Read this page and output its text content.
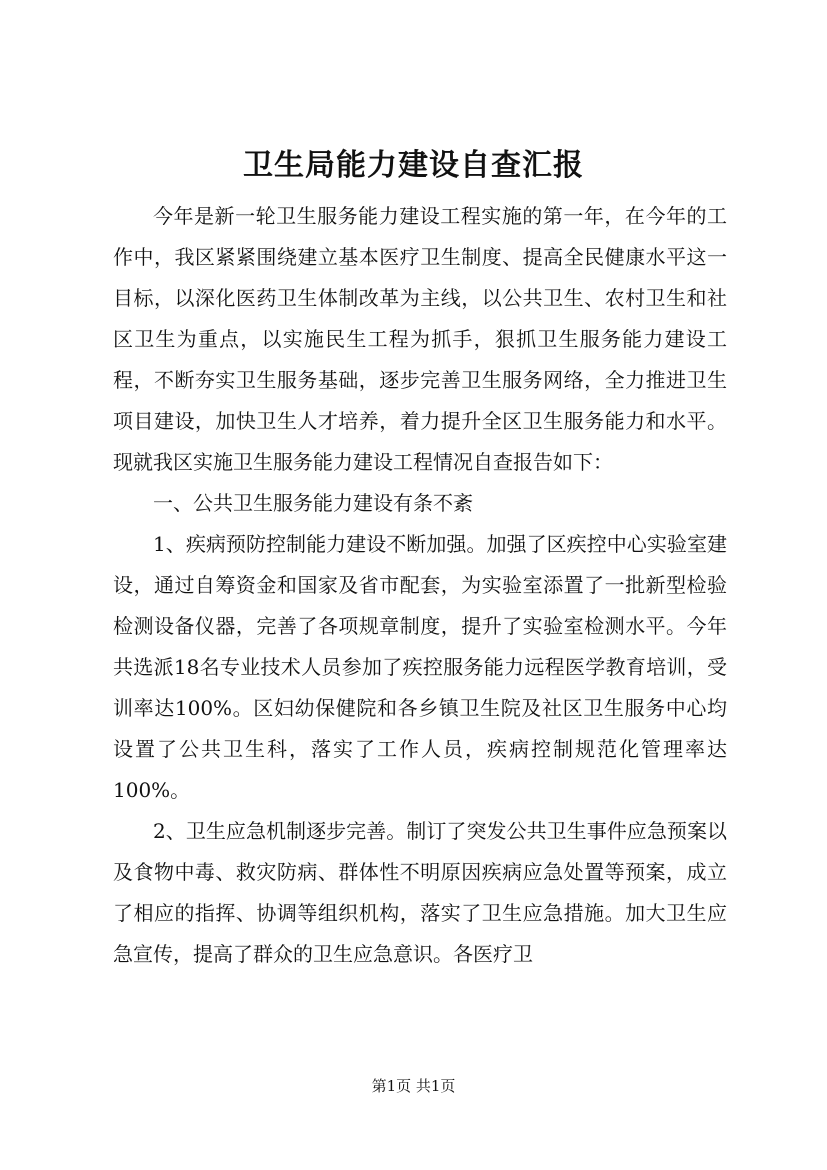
卫生局能力建设自查汇报

今年是新一轮卫生服务能力建设工程实施的第一年，在今年的工作中，我区紧紧围绕建立基本医疗卫生制度、提高全民健康水平这一目标，以深化医药卫生体制改革为主线，以公共卫生、农村卫生和社区卫生为重点，以实施民生工程为抓手，狠抓卫生服务能力建设工程，不断夯实卫生服务基础，逐步完善卫生服务网络，全力推进卫生项目建设，加快卫生人才培养，着力提升全区卫生服务能力和水平。现就我区实施卫生服务能力建设工程情况自查报告如下：

一、公共卫生服务能力建设有条不紊

1、疾病预防控制能力建设不断加强。加强了区疾控中心实验室建设，通过自筹资金和国家及省市配套，为实验室添置了一批新型检验检测设备仪器，完善了各项规章制度，提升了实验室检测水平。今年共选派18名专业技术人员参加了疾控服务能力远程医学教育培训，受训率达100%。区妇幼保健院和各乡镇卫生院及社区卫生服务中心均设置了公共卫生科，落实了工作人员，疾病控制规范化管理率达100%。

2、卫生应急机制逐步完善。制订了突发公共卫生事件应急预案以及食物中毒、救灾防病、群体性不明原因疾病应急处置等预案，成立了相应的指挥、协调等组织机构，落实了卫生应急措施。加大卫生应急宣传，提高了群众的卫生应急意识。各医疗卫

第1页 共1页
